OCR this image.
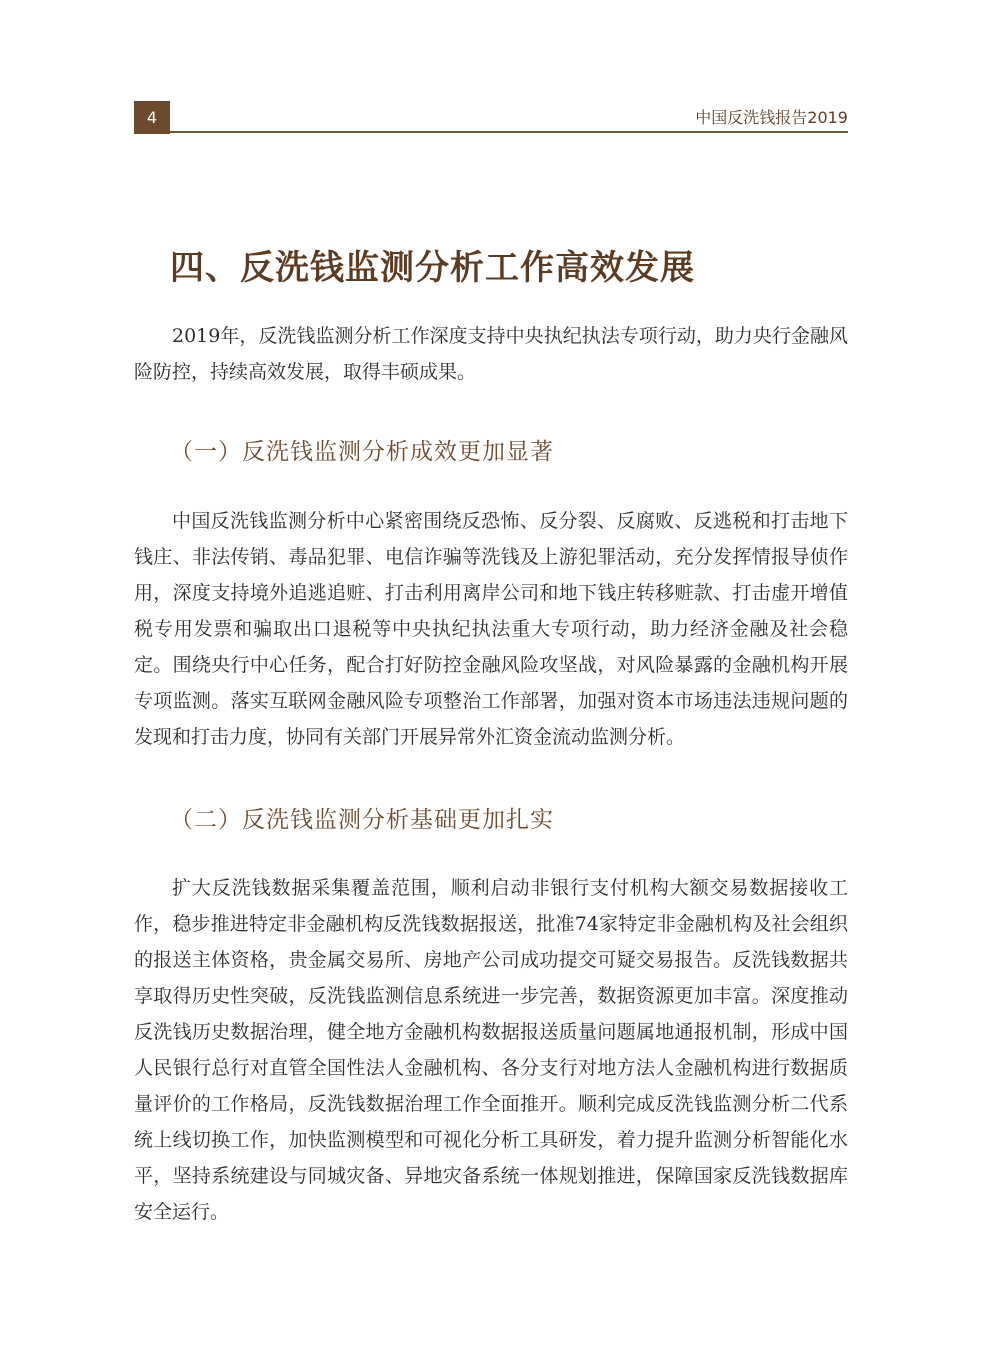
4	中国反洗钱报告2019
四、反洗钱监测分析工作高效发展

2019年，反洗钱监测分析工作深度支持中央执纪执法专项行动，助力央行金融风险防控，持续高效发展，取得丰硕成果。

（一）反洗钱监测分析成效更加显著

中国反洗钱监测分析中心紧密围绕反恐怖、反分裂、反腐败、反逃税和打击地下钱庄、非法传销、毒品犯罪、电信诈骗等洗钱及上游犯罪活动，充分发挥情报导侦作用，深度支持境外追逃追赃、打击利用离岸公司和地下钱庄转移赃款、打击虚开增值税专用发票和骗取出口退税等中央执纪执法重大专项行动，助力经济金融及社会稳定。围绕央行中心任务，配合打好防控金融风险攻坚战，对风险暴露的金融机构开展专项监测。落实互联网金融风险专项整治工作部署，加强对资本市场违法违规问题的发现和打击力度，协同有关部门开展异常外汇资金流动监测分析。

（二）反洗钱监测分析基础更加扎实

扩大反洗钱数据采集覆盖范围，顺利启动非银行支付机构大额交易数据接收工作，稳步推进特定非金融机构反洗钱数据报送，批准74家特定非金融机构及社会组织的报送主体资格，贵金属交易所、房地产公司成功提交可疑交易报告。反洗钱数据共享取得历史性突破，反洗钱监测信息系统进一步完善，数据资源更加丰富。深度推动反洗钱历史数据治理，健全地方金融机构数据报送质量问题属地通报机制，形成中国人民银行总行对直管全国性法人金融机构、各分支行对地方法人金融机构进行数据质量评价的工作格局，反洗钱数据治理工作全面推开。顺利完成反洗钱监测分析二代系统上线切换工作，加快监测模型和可视化分析工具研发，着力提升监测分析智能化水平，坚持系统建设与同城灾备、异地灾备系统一体规划推进，保障国家反洗钱数据库安全运行。
